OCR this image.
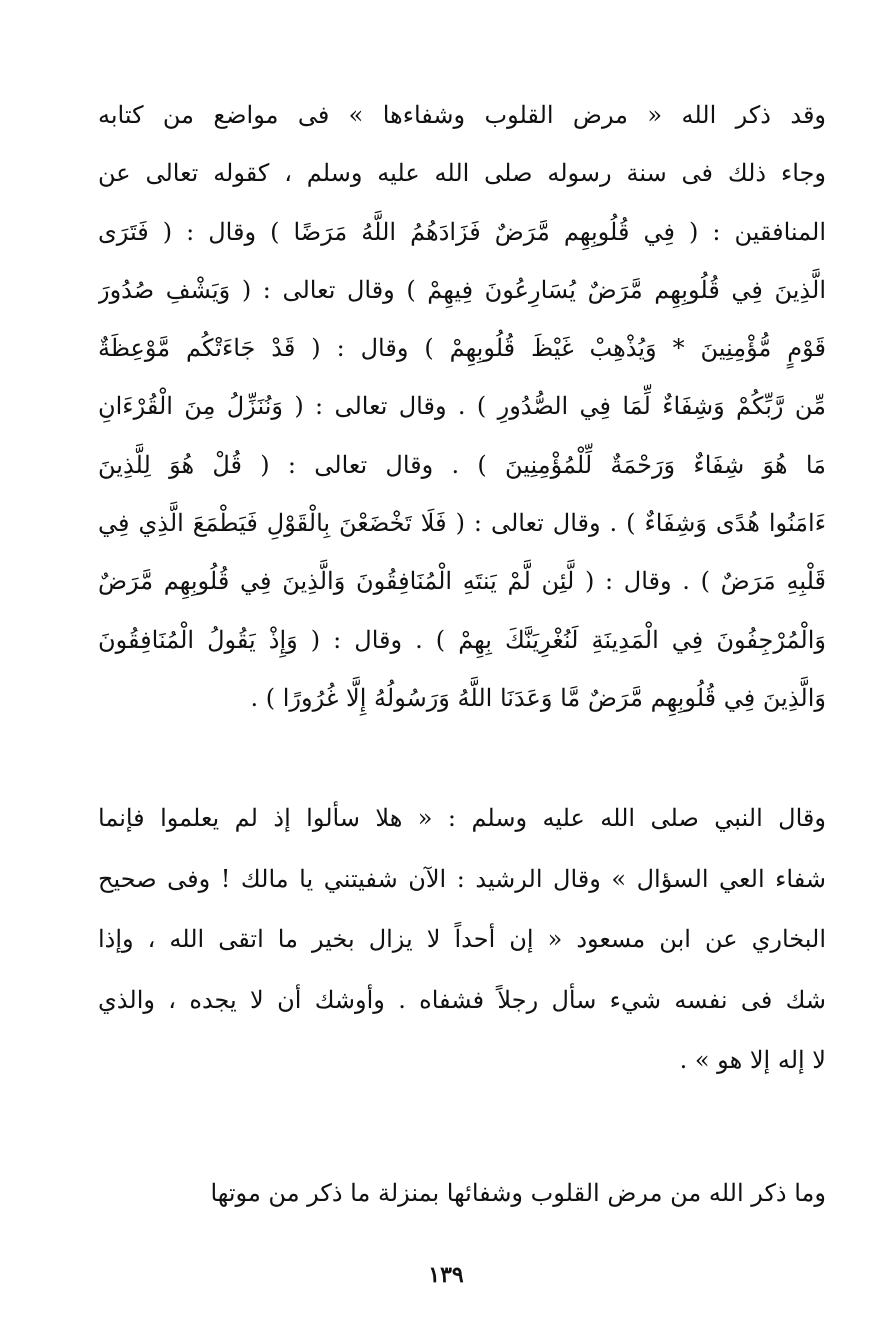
وقد ذكر الله « مرض القلوب وشفاءها » فى مواضع من كتابه
وجاء ذلك فى سنة رسوله صلى الله عليه وسلم ، كقوله تعالى عن
المنافقين : ( فِي قُلُوبِهِم مَّرَضٌ فَزَادَهُمُ اللَّهُ مَرَضًا ) وقال : ( فَتَرَى
الَّذِينَ فِي قُلُوبِهِم مَّرَضٌ يُسَارِعُونَ فِيهِمْ ) وقال تعالى : ( وَيَشْفِ صُدُورَ
قَوْمٍ مُّؤْمِنِينَ * وَيُذْهِبْ غَيْظَ قُلُوبِهِمْ ) وقال : ( قَدْ جَاءَتْكُم مَّوْعِظَةٌ
مِّن رَّبِّكُمْ وَشِفَاءٌ لِّمَا فِي الصُّدُورِ ) . وقال تعالى : ( وَنُنَزِّلُ مِنَ الْقُرْءَانِ
مَا هُوَ شِفَاءٌ وَرَحْمَةٌ لِّلْمُؤْمِنِينَ ) . وقال تعالى : ( قُلْ هُوَ لِلَّذِينَ
ءَامَنُوا هُدًى وَشِفَاءٌ ) . وقال تعالى : ( فَلَا تَخْضَعْنَ بِالْقَوْلِ فَيَطْمَعَ الَّذِي فِي
قَلْبِهِ مَرَضٌ ) . وقال : ( لَّئِن لَّمْ يَنتَهِ الْمُنَافِقُونَ وَالَّذِينَ فِي قُلُوبِهِم مَّرَضٌ
وَالْمُرْجِفُونَ فِي الْمَدِينَةِ لَنُغْرِيَنَّكَ بِهِمْ ) . وقال : ( وَإِذْ يَقُولُ الْمُنَافِقُونَ
وَالَّذِينَ فِي قُلُوبِهِم مَّرَضٌ مَّا وَعَدَنَا اللَّهُ وَرَسُولُهُ إِلَّا غُرُورًا ) .
وقال النبي صلى الله عليه وسلم : « هلا سألوا إذ لم يعلموا فإنما
شفاء العي السؤال » وقال الرشيد : الآن شفيتني يا مالك ! وفى صحيح
البخاري عن ابن مسعود « إن أحداً لا يزال بخير ما اتقى الله ، وإذا
شك فى نفسه شيء سأل رجلاً فشفاه . وأوشك أن لا يجده ، والذي
لا إله إلا هو » .
وما ذكر الله من مرض القلوب وشفائها بمنزلة ما ذكر من موتها
١٣٩
